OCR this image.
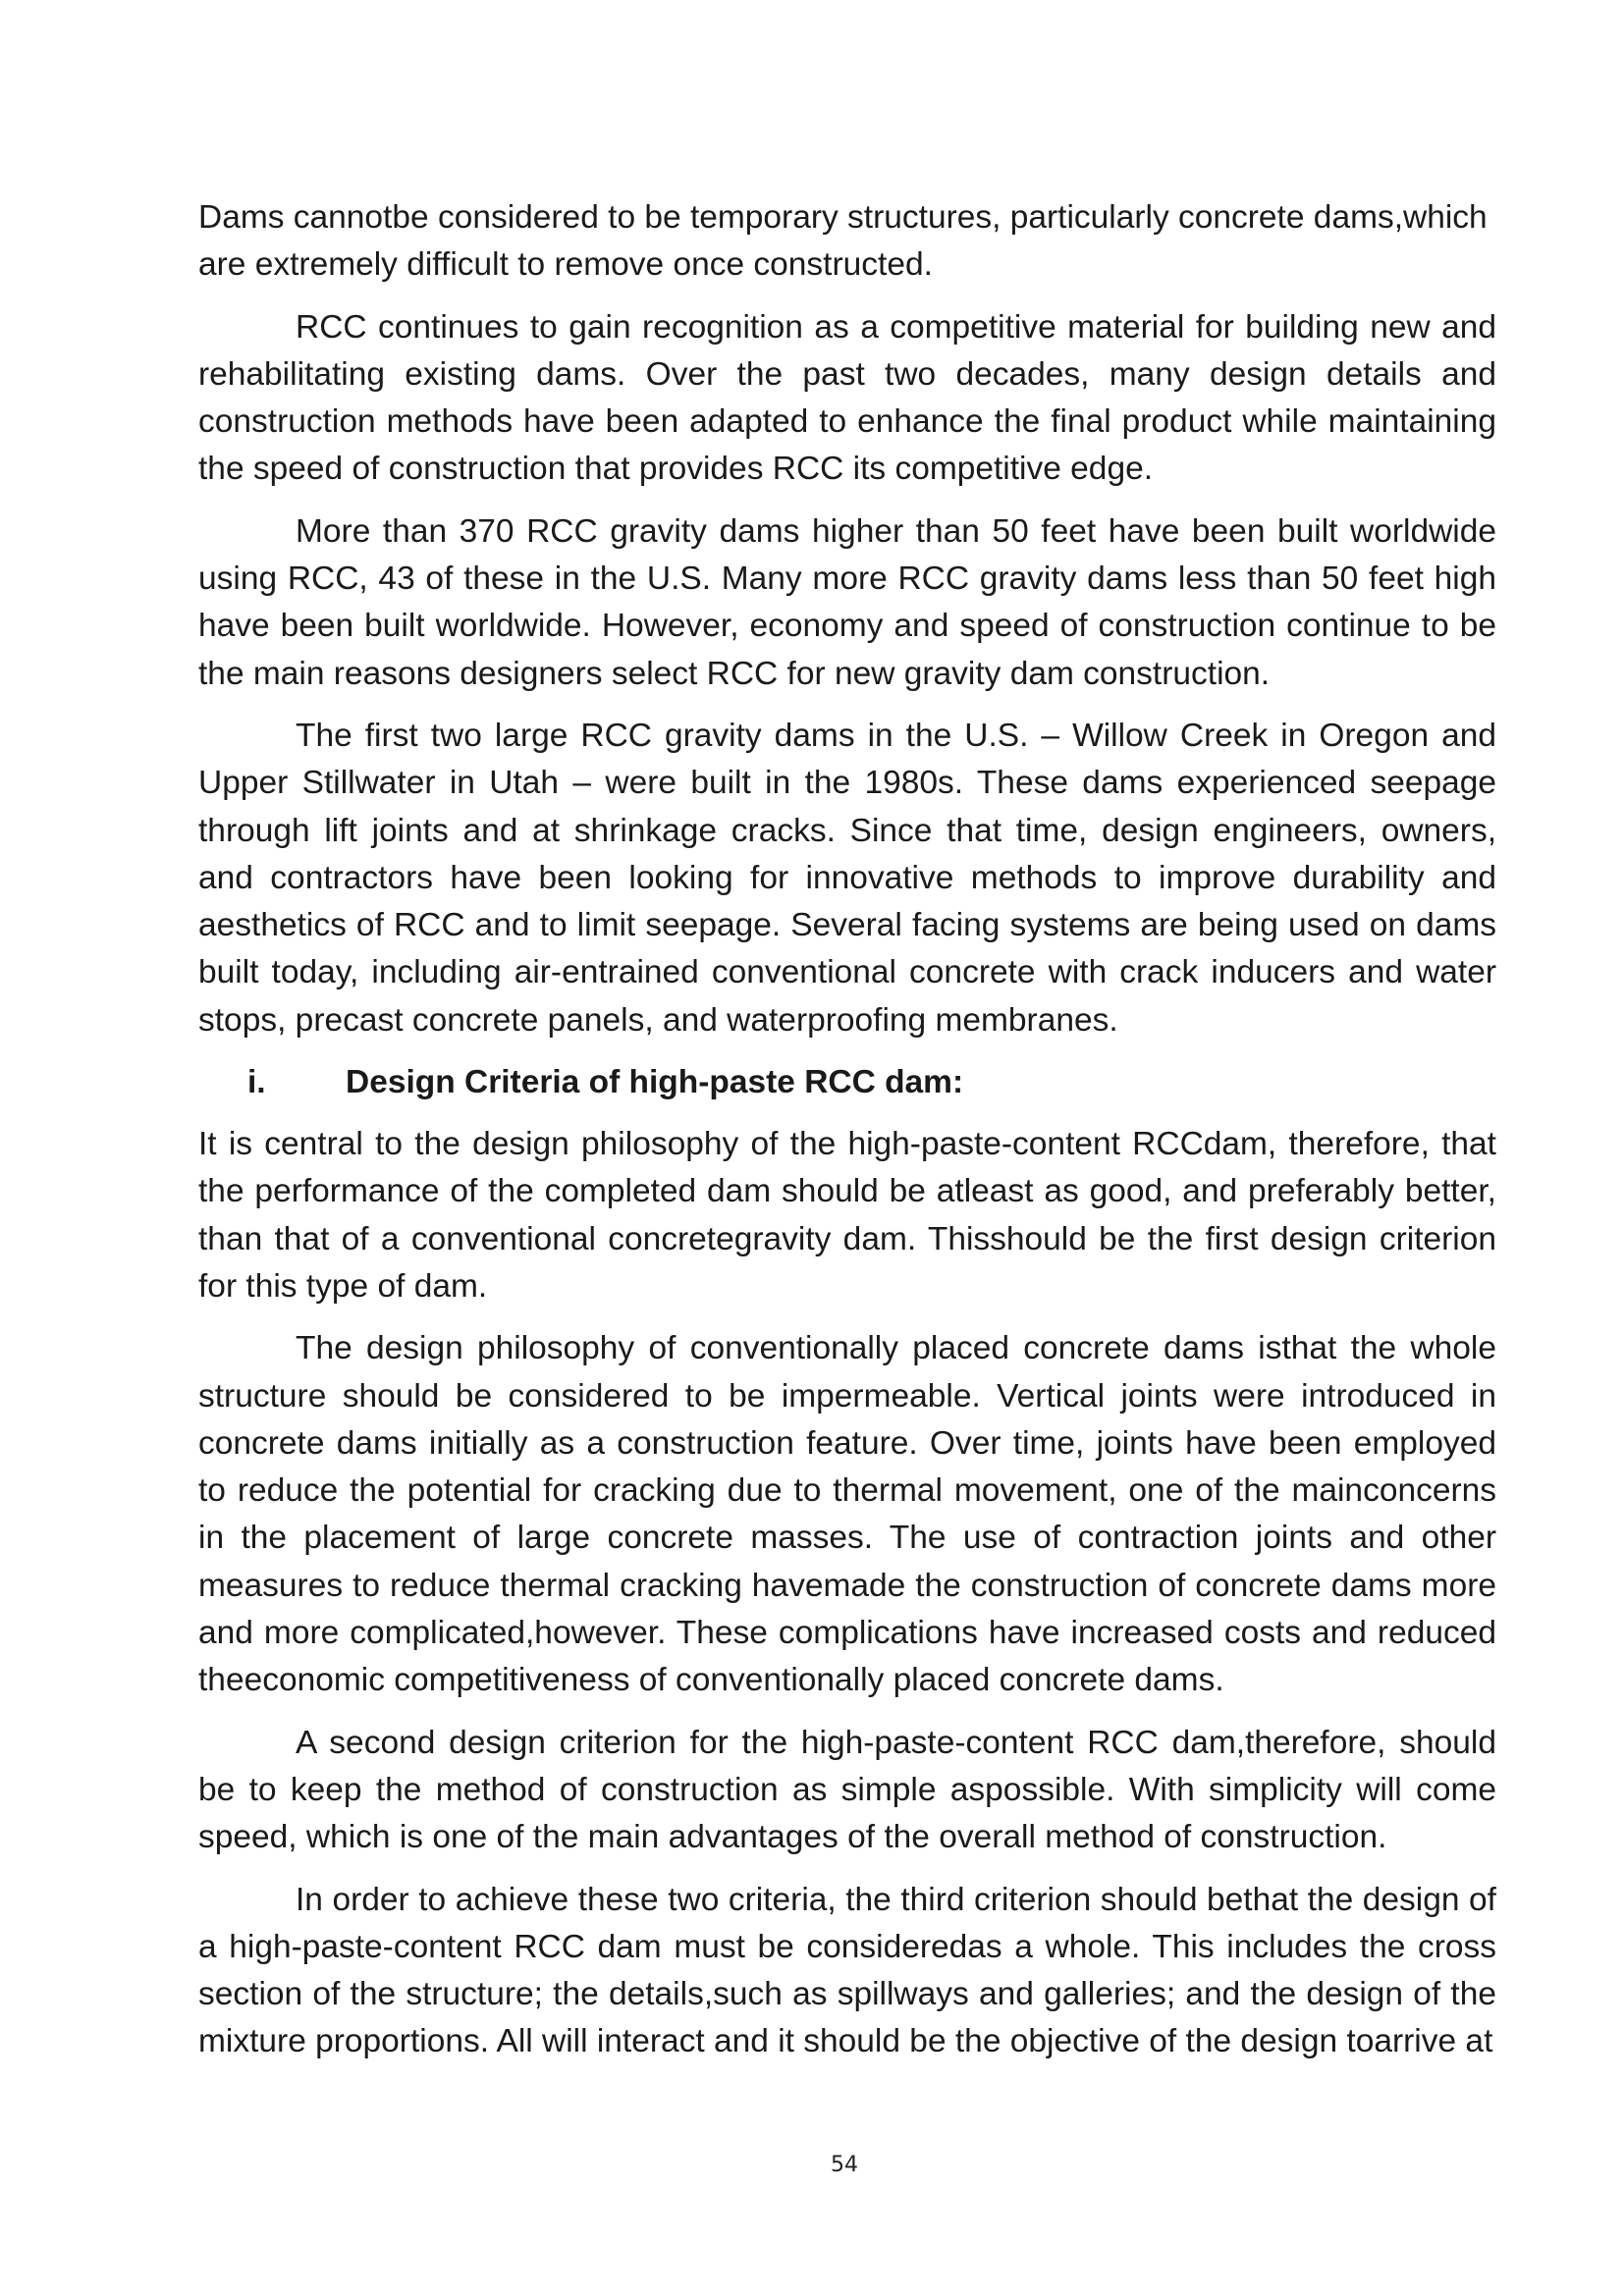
Dams cannotbe considered to be temporary structures, particularly concrete dams,which are extremely difficult to remove once constructed.

RCC continues to gain recognition as a competitive material for building new and rehabilitating existing dams. Over the past two decades, many design details and construction methods have been adapted to enhance the final product while maintaining the speed of construction that provides RCC its competitive edge.

More than 370 RCC gravity dams higher than 50 feet have been built worldwide using RCC, 43 of these in the U.S. Many more RCC gravity dams less than 50 feet high have been built worldwide. However, economy and speed of construction continue to be the main reasons designers select RCC for new gravity dam construction.

The first two large RCC gravity dams in the U.S. – Willow Creek in Oregon and Upper Stillwater in Utah – were built in the 1980s. These dams experienced seepage through lift joints and at shrinkage cracks. Since that time, design engineers, owners, and contractors have been looking for innovative methods to improve durability and aesthetics of RCC and to limit seepage. Several facing systems are being used on dams built today, including air-entrained conventional concrete with crack inducers and water stops, precast concrete panels, and waterproofing membranes.

i.	Design Criteria of high-paste RCC dam:

It is central to the design philosophy of the high-paste-content RCCdam, therefore, that the performance of the completed dam should be atleast as good, and preferably better, than that of a conventional concretegravity dam. Thisshould be the first design criterion for this type of dam.

The design philosophy of conventionally placed concrete dams isthat the whole structure should be considered to be impermeable. Vertical joints were introduced in concrete dams initially as a construction feature. Over time, joints have been employed to reduce the potential for cracking due to thermal movement, one of the mainconcerns in the placement of large concrete masses. The use of contraction joints and other measures to reduce thermal cracking havemade the construction of concrete dams more and more complicated,however. These complications have increased costs and reduced theeconomic competitiveness of conventionally placed concrete dams.

A second design criterion for the high-paste-content RCC dam,therefore, should be to keep the method of construction as simple aspossible. With simplicity will come speed, which is one of the main advantages of the overall method of construction.

In order to achieve these two criteria, the third criterion should bethat the design of a high-paste-content RCC dam must be consideredas a whole. This includes the cross section of the structure; the details,such as spillways and galleries; and the design of the mixture proportions. All will interact and it should be the objective of the design toarrive at

54
